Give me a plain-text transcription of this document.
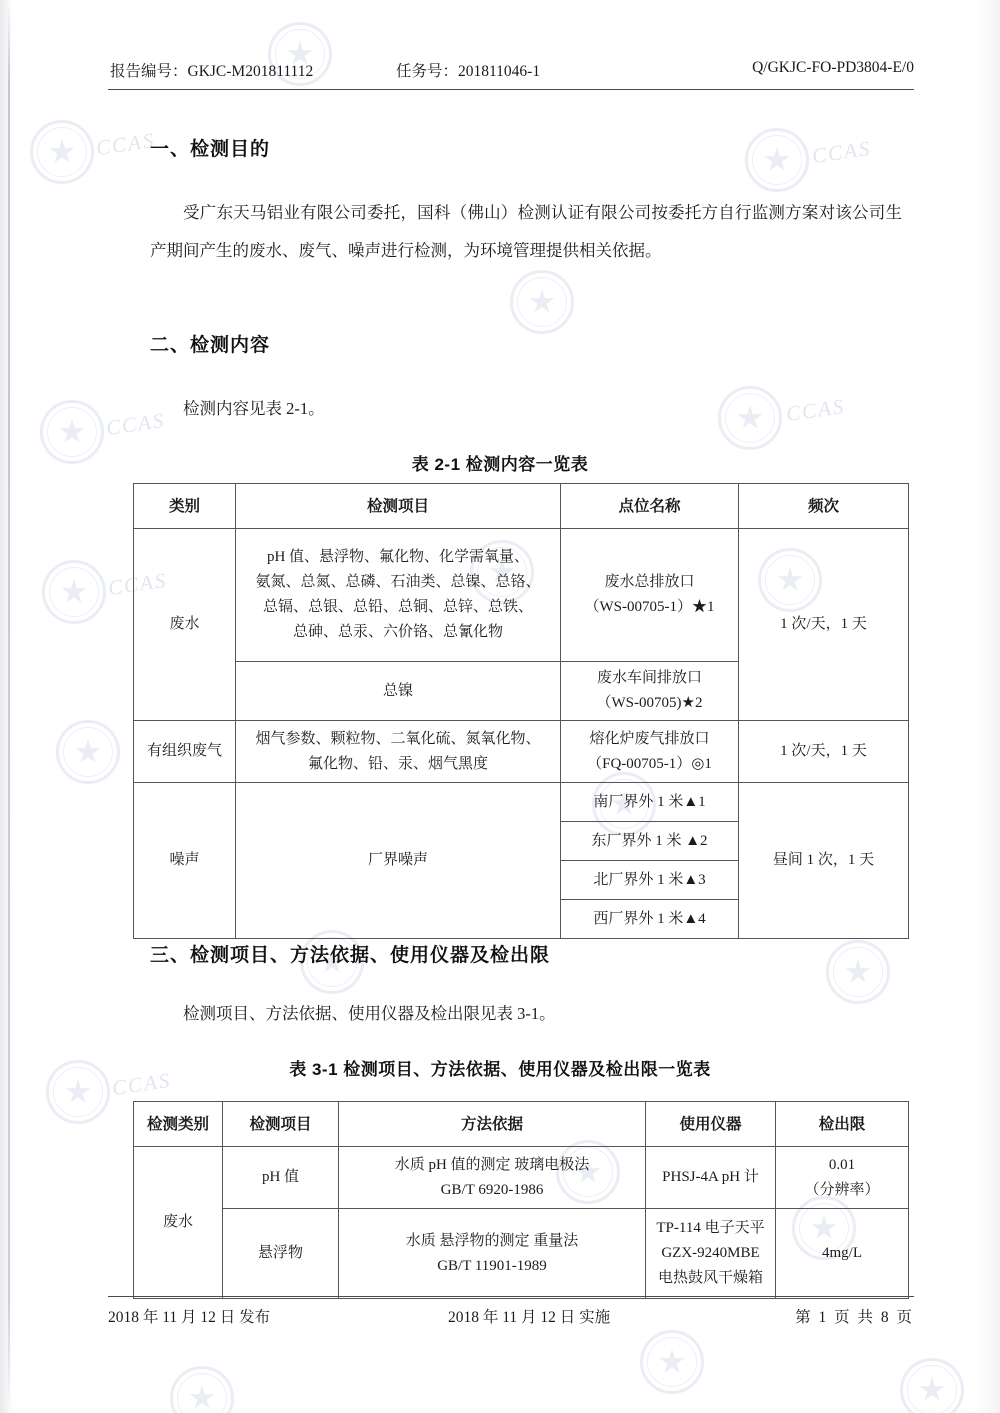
CCAS	CCAS
CCAS	CCAS
CCAS
CCAS
报告编号：GKJC-M201811112	任务号：201811046-1	Q/GKJC-FO-PD3804-E/0
一、检测目的
受广东天马铝业有限公司委托，国科（佛山）检测认证有限公司按委托方自行监测方案对该公司生产期间产生的废水、废气、噪声进行检测，为环境管理提供相关依据。
二、检测内容
检测内容见表 2-1。
表 2-1 检测内容一览表
类别	检测项目	点位名称	频次
废水	pH 值、悬浮物、氟化物、化学需氧量、
氨氮、总氮、总磷、石油类、总镍、总铬、
总镉、总银、总铅、总铜、总锌、总铁、
总砷、总汞、六价铬、总氰化物	废水总排放口
（WS-00705-1）★1	1 次/天，1 天
	总镍	废水车间排放口
（WS-00705)★2	

有组织废气	烟气参数、颗粒物、二氧化硫、氮氧化物、
氟化物、铅、汞、烟气黑度	熔化炉废气排放口
（FQ-00705-1）◎1	1 次/天，1 天
噪声	厂界噪声	南厂界外 1 米▲1	昼间 1 次，1 天
		东厂界外 1 米 ▲2	
		北厂界外 1 米▲3	
		西厂界外 1 米▲4	
三、检测项目、方法依据、使用仪器及检出限
检测项目、方法依据、使用仪器及检出限见表 3-1。
表 3-1 检测项目、方法依据、使用仪器及检出限一览表
检测类别	检测项目	方法依据	使用仪器	检出限
废水	pH 值	水质 pH 值的测定 玻璃电极法
GB/T 6920-1986	PHSJ-4A pH 计	0.01
（分辨率）

	悬浮物	水质 悬浮物的测定 重量法
GB/T 11901-1989	TP-114 电子天平
GZX-9240MBE
电热鼓风干燥箱	4mg/L
2018 年 11 月 12 日 发布	2018 年 11 月 12 日 实施	第 1 页 共 8 页
